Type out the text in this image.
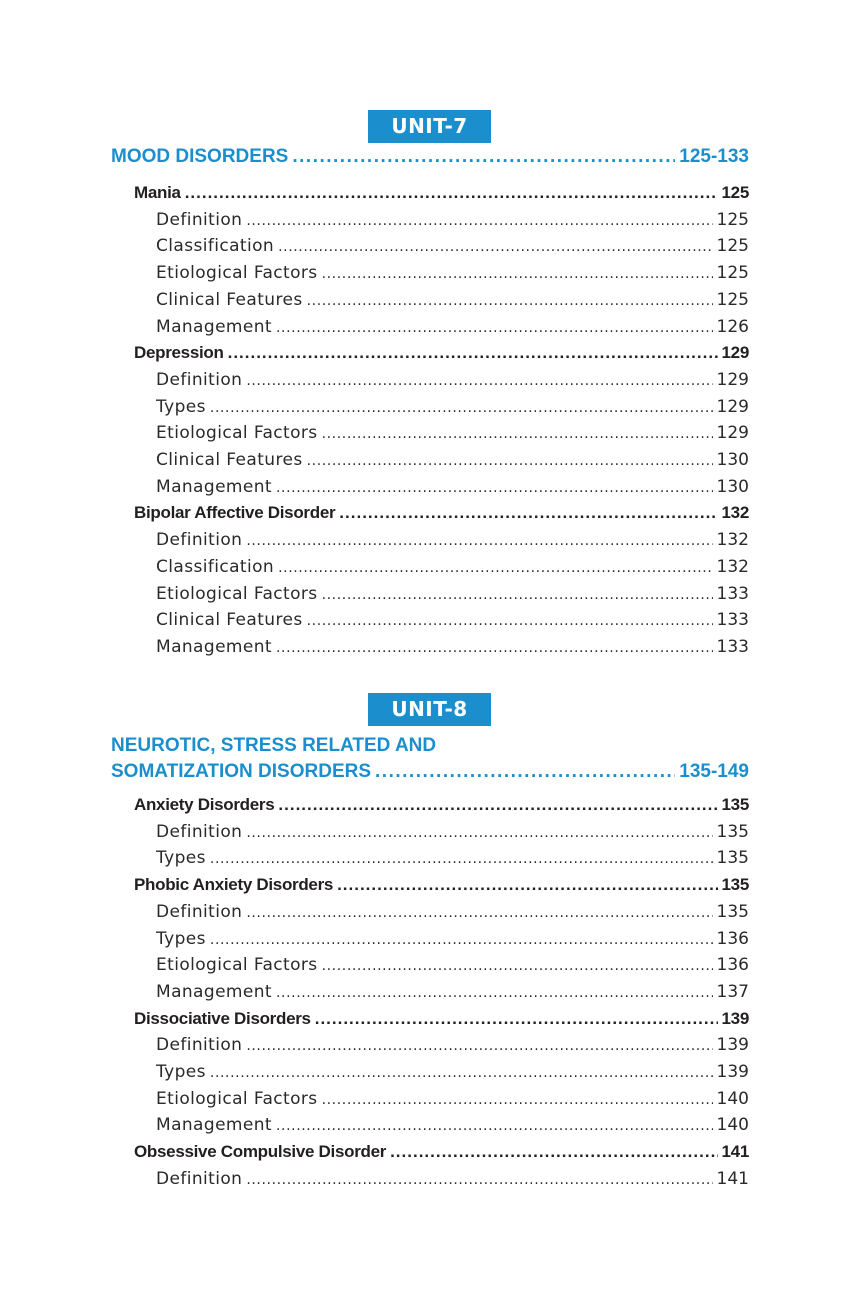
UNIT-7
MOOD DISORDERS .....	125-133
Mania .....	125
Definition .....	125
Classification .....	125
Etiological Factors .....	125
Clinical Features .....	125
Management .....	126
Depression .....	129
Definition .....	129
Types .....	129
Etiological Factors .....	129
Clinical Features .....	130
Management .....	130
Bipolar Affective Disorder .....	132
Definition .....	132
Classification .....	132
Etiological Factors .....	133
Clinical Features .....	133
Management .....	133
UNIT-8
NEUROTIC, STRESS RELATED AND
SOMATIZATION DISORDERS .....	135-149
Anxiety Disorders .....	135
Definition .....	135
Types .....	135
Phobic Anxiety Disorders .....	135
Definition .....	135
Types .....	136
Etiological Factors .....	136
Management .....	137
Dissociative Disorders .....	139
Definition .....	139
Types .....	139
Etiological Factors .....	140
Management .....	140
Obsessive Compulsive Disorder .....	141
Definition .....	141
